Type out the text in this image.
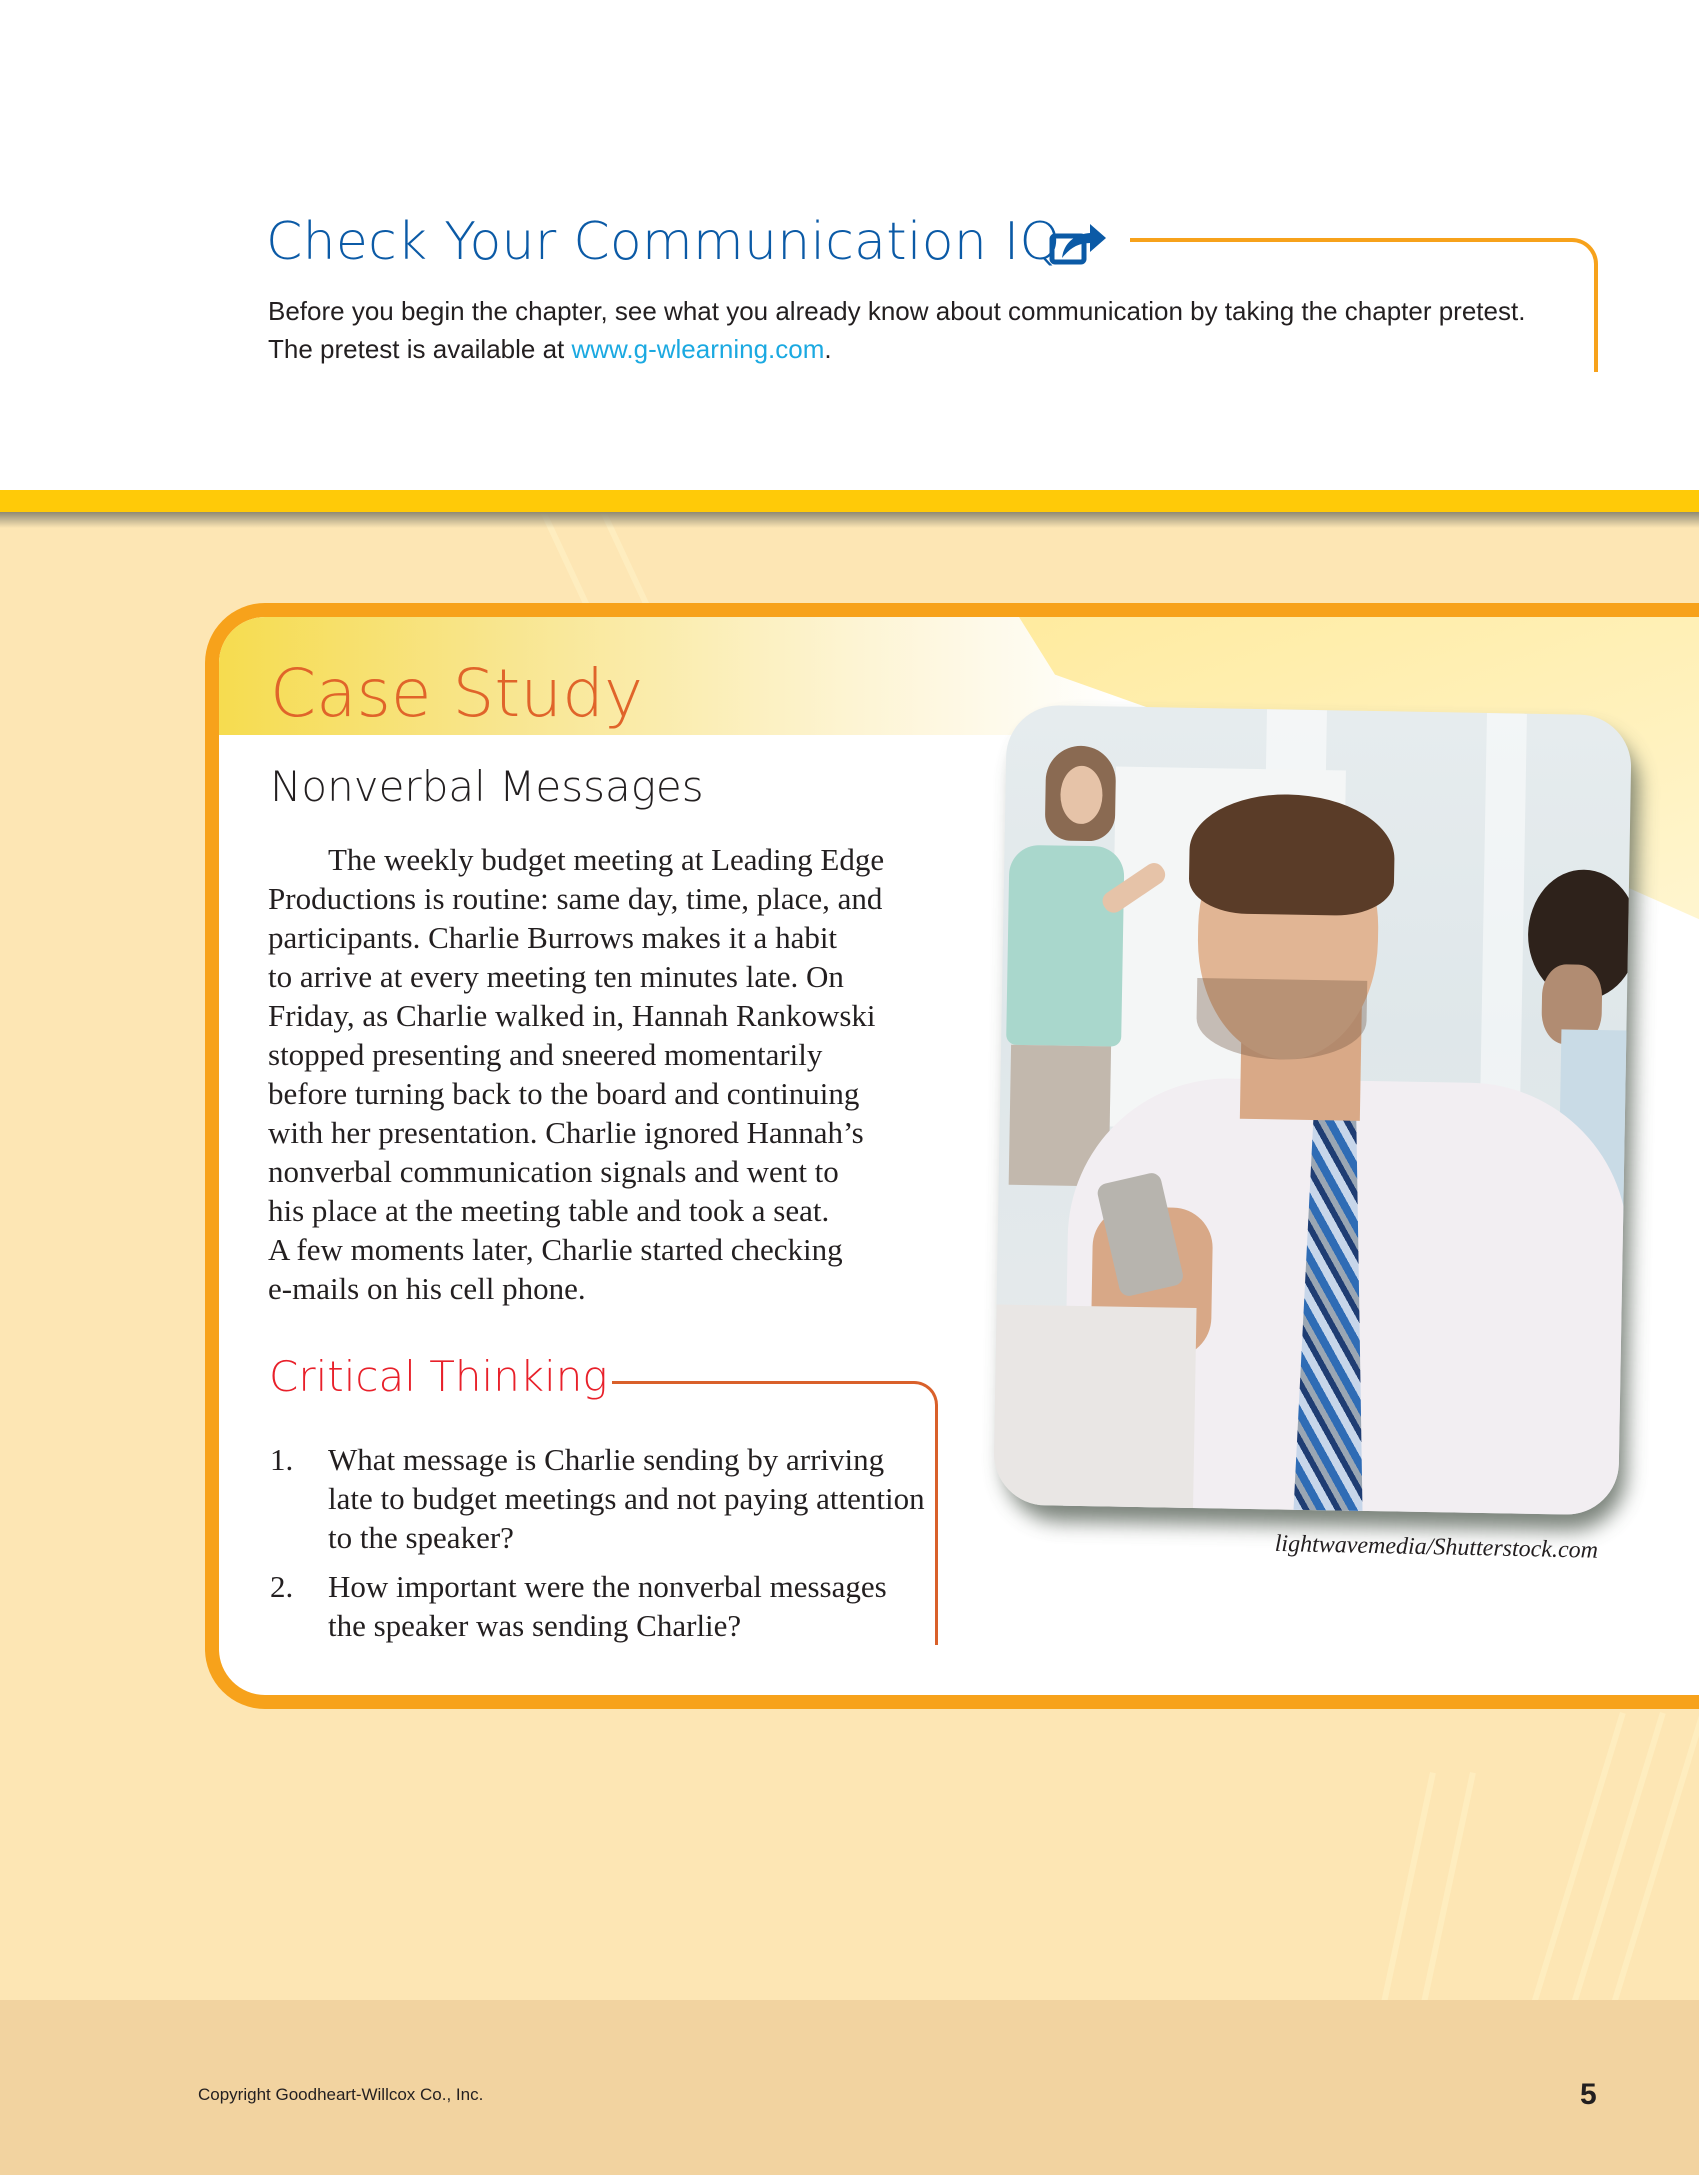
Check Your Communication IQ
Before you begin the chapter, see what you already know about communication by taking the chapter pretest. The pretest is available at www.g-wlearning.com.
Case Study
Nonverbal Messages

The weekly budget meeting at Leading Edge

Productions is routine: same day, time, place, and

participants. Charlie Burrows makes it a habit

to arrive at every meeting ten minutes late. On

Friday, as Charlie walked in, Hannah Rankowski

stopped presenting and sneered momentarily

before turning back to the board and continuing

with her presentation. Charlie ignored Hannah’s

nonverbal communication signals and went to

his place at the meeting table and took a seat.

A few moments later, Charlie started checking

e-mails on his cell phone.

Critical Thinking
1.	What message is Charlie sending by arriving late to budget meetings and not paying attention to the speaker?
2.	How important were the nonverbal messages the speaker was sending Charlie?
lightwavemedia/Shutterstock.com
Copyright Goodheart-Willcox Co., Inc.	5
